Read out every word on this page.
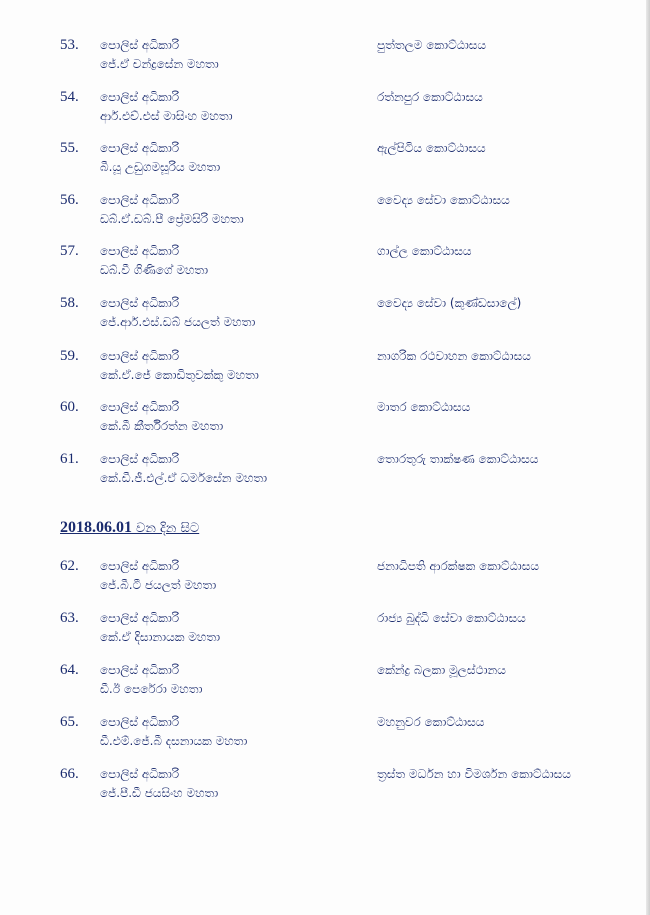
53. පොලිස් අධිකාරි
ජේ.ඒ චන්ද්‍රසේන මහතා
පුත්තලම කොට්ඨාසය
54. පොලිස් අධිකාරි
ආර්.එච්.එස් මාසිංහ මහතා
රත්නපුර කොට්ඨාසය
55. පොලිස් අධිකාරි
බී.යූ උඩුගමසූරිය මහතා
ඇල්පිටිය කොට්ඨාසය
56. පොලිස් අධිකාරි
ඩබ්.ඒ.ඩබ්.පී ප්‍රේමසිරි මහතා
වෛද්‍ය සේවා කොට්ඨාසය
57. පොලිස් අධිකාරි
ඩබ්.වී ගිණිගේ මහතා
ගාල්ල කොට්ඨාසය
58. පොලිස් අධිකාරි
ජේ.ආර්.එස්.ඩබ් ජයලත් මහතා
වෛද්‍ය සේවා (කුණ්ඩසාලේ)
59. පොලිස් අධිකාරි
කේ.ඒ.ජේ කොඩිතුවක්කු මහතා
නාගරික රථවාහන කොට්ඨාසය
60. පොලිස් අධිකාරි
කේ.බී කීර්තිරත්න මහතා
මාතර කොට්ඨාසය
61. පොලිස් අධිකාරි
කේ.ඩී.ජී.එල්.ඒ ධර්මසේන මහතා
තොරතුරු තාක්ෂණ කොට්ඨාසය
2018.06.01 වන දින සිට
62. පොලිස් අධිකාරි
ජේ.බී.ටී ජයලත් මහතා
ජනාධිපති ආරක්ෂක කොට්ඨාසය
63. පොලිස් අධිකාරි
කේ.ඒ දිසානායක මහතා
රාජ්‍ය බුද්ධි සේවා කොට්ඨාසය
64. පොලිස් අධිකාරි
ඩී.ඊ පෙරේරා මහතා
කේන්ද්‍ර බලකා මූලස්ථානය
65. පොලිස් අධිකාරි
ඩී.එම්.ජේ.බී දසනායක මහතා
මහනුවර කොට්ඨාසය
66. පොලිස් අධිකාරි
ජේ.පී.ඩී ජයසිංහ මහතා
ත්‍රස්ත මර්ධන හා විමර්ශන කොට්ඨාසය
